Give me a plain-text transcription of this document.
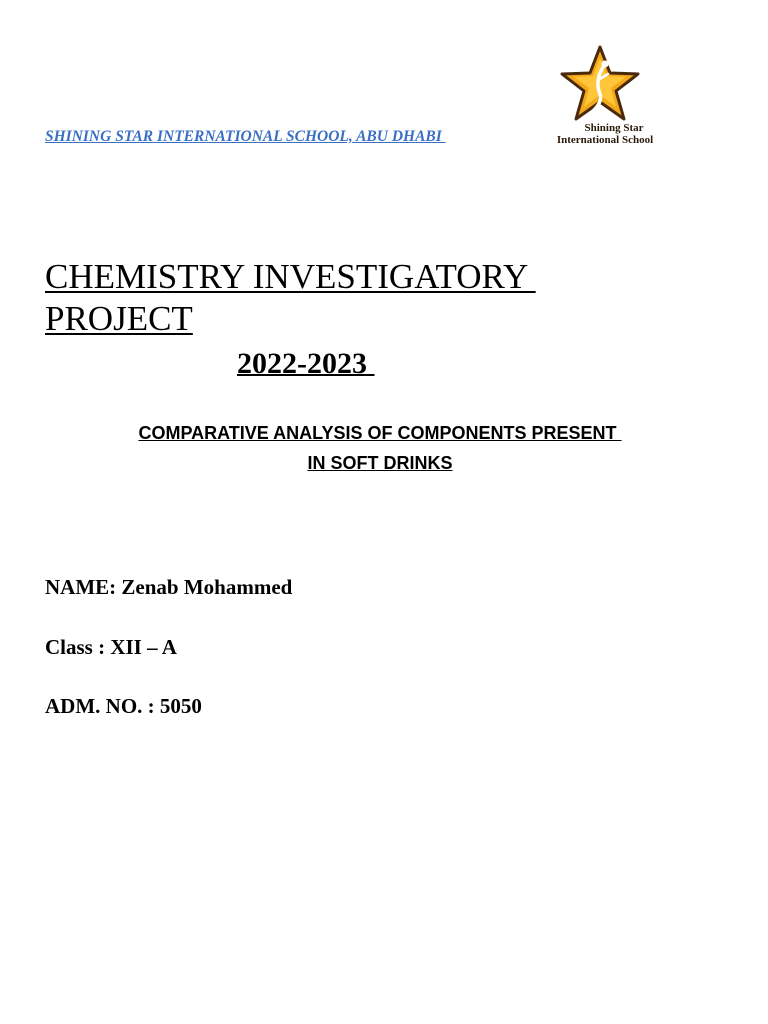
SHINING STAR INTERNATIONAL SCHOOL, ABU DHABI	Shining Star
International School
CHEMISTRY INVESTIGATORY
PROJECT
2022-2023
COMPARATIVE ANALYSIS OF COMPONENTS PRESENT
IN SOFT DRINKS
NAME: Zenab Mohammed
Class : XII – A
ADM. NO. : 5050
